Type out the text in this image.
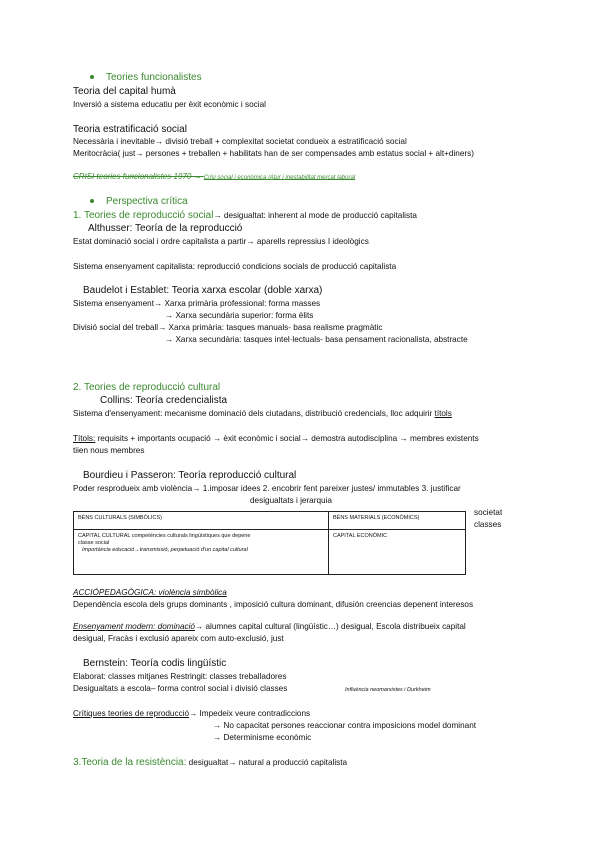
Teories funcionalistes
Teoria del capital humà
Inversió a sistema educatiu per èxit econòmic i social
Teoria estratificació social
Necessària i inevitable→ divisió treball + complexitat societat condueix a estratificació social
Meritocràcia( just→ persones + treballen + habilitats han de ser compensades amb estatus social + alt+diners)
CRISI teories funcionalistes 1970 → Crisi social i econòmica /Atur i inestabilitat mercat laboral
Perspectiva crítica
1. Teories de reproducció social→ desigualtat: inherent al mode de producció capitalista
Althusser: Teoría de la reproducció
Estat dominació social i ordre capitalista a partir→ aparells repressius I ideològics
Sistema ensenyament capitalista: reproducció condicions socials de producció capitalista
Baudelot i Establet: Teoria xarxa escolar (doble xarxa)
Sistema ensenyament→ Xarxa primària professional: forma masses
→ Xarxa secundària superior: forma èlits
Divisió social del treball→ Xarxa primària: tasques manuals- basa realisme pragmàtic
→ Xarxa secundària: tasques intel·lectuals- basa pensament racionalista, abstracte
2. Teories de reproducció cultural
Collins: Teoría credencialista
Sistema d'ensenyament: mecanisme dominació dels ciutadans, distribució credencials, lloc adquirir títols
Títols: requisits + importants ocupació → èxit econòmic i social→ demostra autodisciplina → membres existents
tiien nous membres
Bourdieu i Passeron: Teoría reproducció cultural
Poder resprodueix amb violència→ 1.imposar idees 2. encobrir fent pareixer justes/ immutables 3. justificar
desigualtats i jerarquia
societat
classes
BÉNS CULTURALS (SIMBÒLICS)	BÉNS MATERIALS (ECONÒMICS)

CAPITAL CULTURAL competències culturals lingüístiques que depene
classe social
Importància educació→transmissió, perpetuació d'un capital cultural	CAPITAL ECONÒMIC
ACCIÓPEDAGÒGICA: violència simbòlica
Dependència escola dels grups dominants , imposició cultura dominant, difusión creencias depenent interesos
Ensenyament modern: dominació→ alumnes capital cultural (lingüístic…) desigual, Escola distribueix capital
desigual, Fracàs i exclusió apareix com auto-exclusió, just
Bernstein: Teoría codis lingüístic
Elaborat: classes mitjanes Restringit: classes treballadores
Desigualtats a escola– forma control social i divisió classes	Influència neomarxistes i Durkheim
Crítiques teories de reproducció→ Impedeix veure contradiccions
→ No capacitat persones reaccionar contra imposicions model dominant
→ Determinisme econòmic
3.Teoria de la resistència: desigualtat→ natural a producció capitalista
